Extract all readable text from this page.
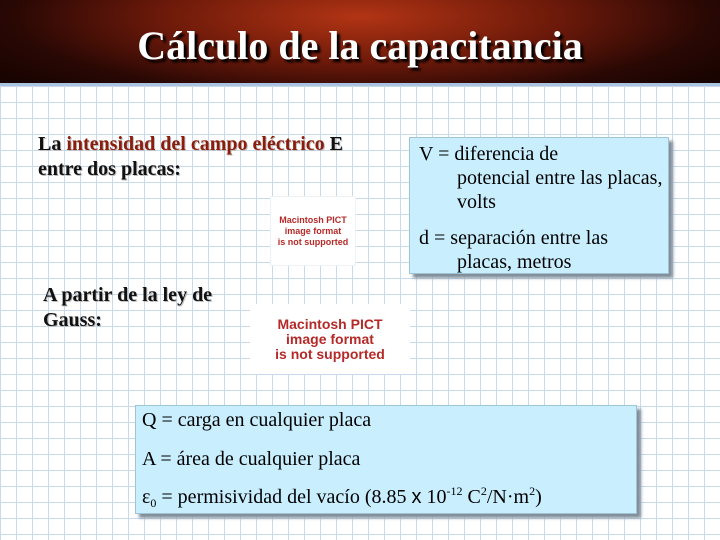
Cálculo de la capacitancia
La intensidad del campo eléctrico E entre dos placas:
Macintosh PICT
image format
is not supported
V = diferencia de
potencial entre las placas, volts
d = separación entre las
placas, metros
A partir de la ley de Gauss:	Macintosh PICT
image format
is not supported
Q = carga en cualquier placa
A = área de cualquier placa
$\varepsilon_0$ = permisividad del vacío (8.85 x $10^{-12}$ $C^2/N\cdot m^2$)
